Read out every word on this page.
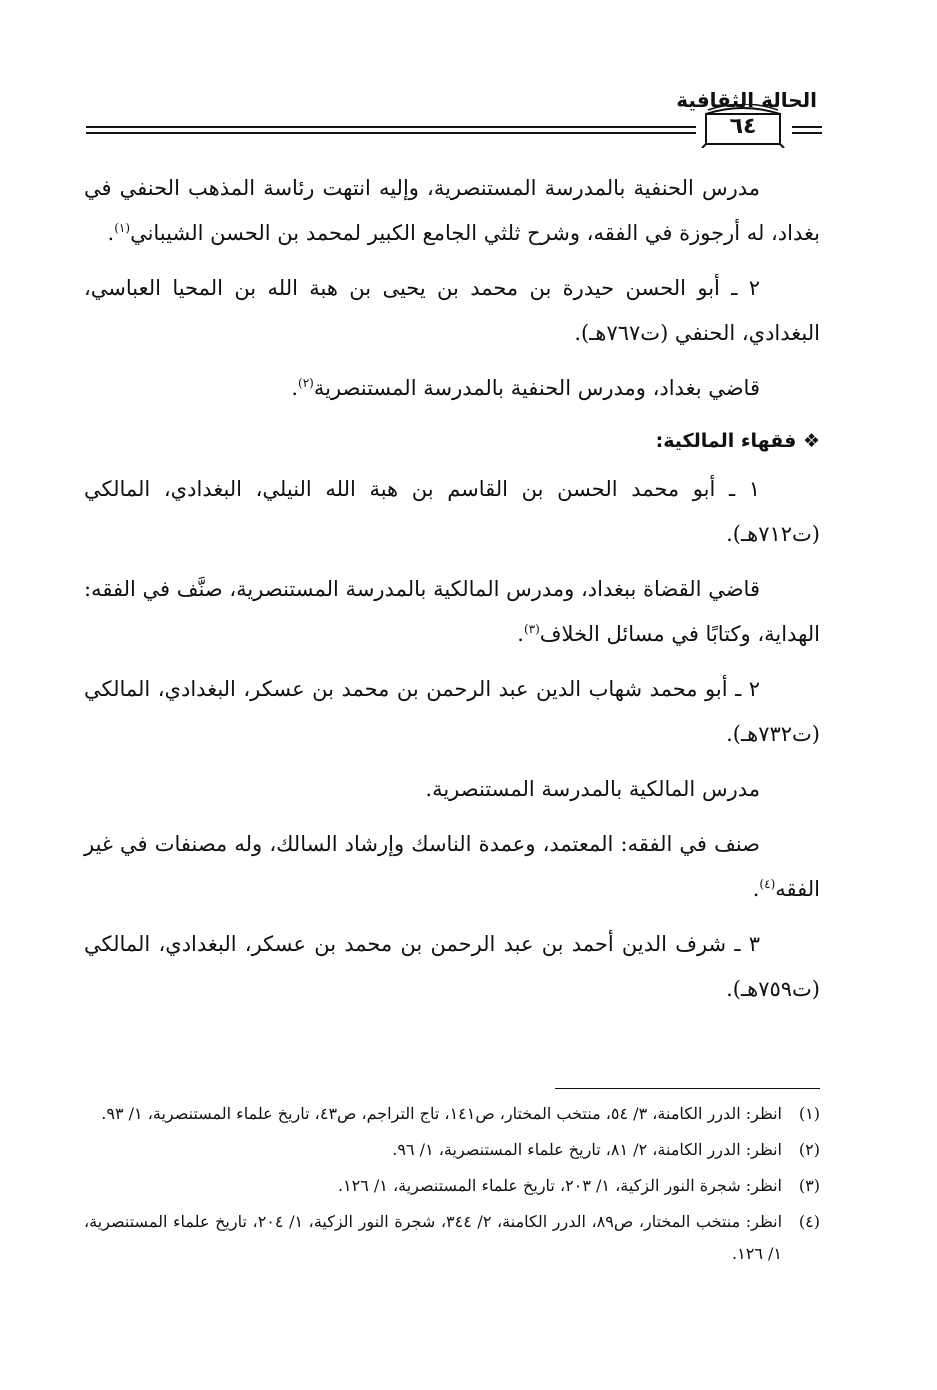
الحالة الثقافية
٦٤

مدرس الحنفية بالمدرسة المستنصرية، وإليه انتهت رئاسة المذهب الحنفي في بغداد، له أرجوزة في الفقه، وشرح ثلثي الجامع الكبير لمحمد بن الحسن الشيباني$^{(١)}$.

٢ ـ أبو الحسن حيدرة بن محمد بن يحيى بن هبة الله بن المحيا العباسي، البغدادي، الحنفي (ت٧٦٧هـ).

قاضي بغداد، ومدرس الحنفية بالمدرسة المستنصرية$^{(٢)}$.

❖ فقهاء المالكية:

١ ـ أبو محمد الحسن بن القاسم بن هبة الله النيلي، البغدادي، المالكي (ت٧١٢هـ).

قاضي القضاة ببغداد، ومدرس المالكية بالمدرسة المستنصرية، صنَّف في الفقه: الهداية، وكتابًا في مسائل الخلاف$^{(٣)}$.

٢ ـ أبو محمد شهاب الدين عبد الرحمن بن محمد بن عسكر، البغدادي، المالكي (ت٧٣٢هـ).

مدرس المالكية بالمدرسة المستنصرية.

صنف في الفقه: المعتمد، وعمدة الناسك وإرشاد السالك، وله مصنفات في غير الفقه$^{(٤)}$.

٣ ـ شرف الدين أحمد بن عبد الرحمن بن محمد بن عسكر، البغدادي، المالكي (ت٧٥٩هـ).

(١)
انظر: الدرر الكامنة، ٣/ ٥٤، منتخب المختار، ص١٤١، تاج التراجم، ص٤٣، تاريخ علماء المستنصرية، ١/ ٩٣.
(٢)
انظر: الدرر الكامنة، ٢/ ٨١، تاريخ علماء المستنصرية، ١/ ٩٦.
(٣)
انظر: شجرة النور الزكية، ١/ ٢٠٣، تاريخ علماء المستنصرية، ١/ ١٢٦.
(٤)
انظر: منتخب المختار، ص٨٩، الدرر الكامنة، ٢/ ٣٤٤، شجرة النور الزكية، ١/ ٢٠٤، تاريخ علماء المستنصرية، ١/ ١٢٦.
